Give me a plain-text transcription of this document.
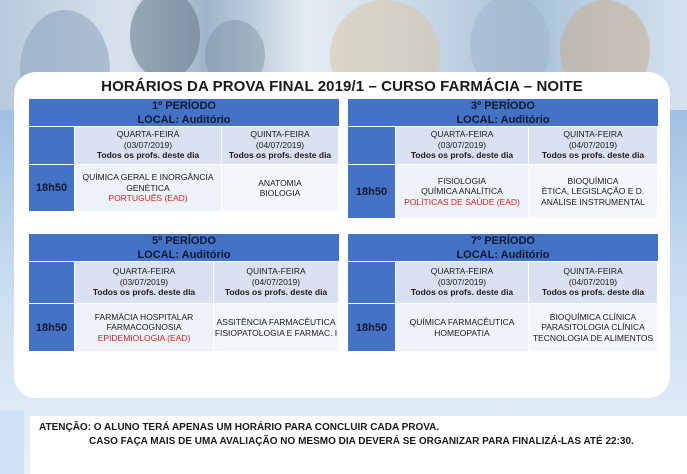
HORÁRIOS DA PROVA FINAL 2019/1 – CURSO FARMÁCIA – NOITE
1º PERÍODO
LOCAL: Auditório
QUARTA-FEIRA
(03/07/2019)
Todos os profs. deste dia
QUINTA-FEIRA
(04/07/2019)
Todos os profs. deste dia
18h50
QUÍMICA GERAL E INORGÂNCIA
GENÉTICA
PORTUGUÊS (EAD)
ANATOMIA
BIOLOGIA
3º PERÍODO
LOCAL: Auditório
QUARTA-FEIRA
(03/07/2019)
Todos os profs. deste dia
QUINTA-FEIRA
(04/07/2019)
Todos os profs. deste dia
18h50
FISIOLOGIA
QUÍMICA ANALÍTICA
POLÍTICAS DE SAÚDE (EAD)
BIOQUÍMICA
ÉTICA, LEGISLAÇÃO E D.
ANÁLISE INSTRUMENTAL
5º PERÍODO
LOCAL: Auditório
QUARTA-FEIRA
(03/07/2019)
Todos os profs. deste dia
QUINTA-FEIRA
(04/07/2019)
Todos os profs. deste dia
18h50
FARMÁCIA HOSPITALAR
FARMACOGNOSIA
EPIDEMIOLOGIA (EAD)
ASSITÊNCIA FARMACÊUTICA
FISIOPATOLOGIA E FARMAC. I
7º PERÍODO
LOCAL: Auditório
QUARTA-FEIRA
(03/07/2019)
Todos os profs. deste dia
QUINTA-FEIRA
(04/07/2019)
Todos os profs. deste dia
18h50	QUÍMICA FARMACÊUTICA
HOMEOPATIA
BIOQUÍMICA CLÍNICA
PARASITOLOGIA CLÍNICA
TECNOLOGIA DE ALIMENTOS
ATENÇÃO: O ALUNO TERÁ APENAS UM HORÁRIO PARA CONCLUIR CADA PROVA.
CASO FAÇA MAIS DE UMA AVALIAÇÃO NO MESMO DIA DEVERÁ SE ORGANIZAR PARA FINALIZÁ-LAS ATÉ 22:30.
